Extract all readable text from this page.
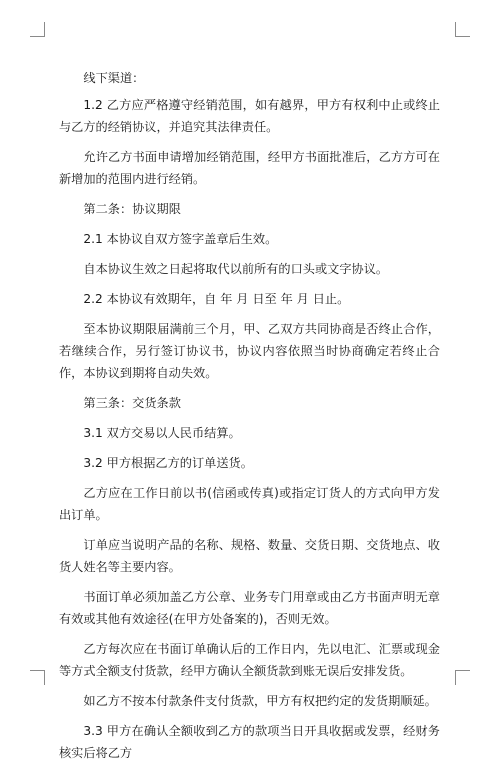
线下渠道：

1.2 乙方应严格遵守经销范围，如有越界，甲方有权利中止或终止与乙方的经销协议，并追究其法律责任。

允许乙方书面申请增加经销范围，经甲方书面批准后，乙方方可在新增加的范围内进行经销。

第二条：协议期限

2.1 本协议自双方签字盖章后生效。

自本协议生效之日起将取代以前所有的口头或文字协议。

2.2 本协议有效期年，自 年 月 日至 年 月 日止。

至本协议期限届满前三个月，甲、乙双方共同协商是否终止合作，若继续合作，另行签订协议书，协议内容依照当时协商确定若终止合作，本协议到期将自动失效。

第三条：交货条款

3.1 双方交易以人民币结算。

3.2 甲方根据乙方的订单送货。

乙方应在工作日前以书(信函或传真)或指定订货人的方式向甲方发出订单。

订单应当说明产品的名称、规格、数量、交货日期、交货地点、收货人姓名等主要内容。

书面订单必须加盖乙方公章、业务专门用章或由乙方书面声明无章有效或其他有效途径(在甲方处备案的)，否则无效。

乙方每次应在书面订单确认后的工作日内，先以电汇、汇票或现金等方式全额支付货款，经甲方确认全额货款到账无误后安排发货。

如乙方不按本付款条件支付货款，甲方有权把约定的发货期顺延。

3.3 甲方在确认全额收到乙方的款项当日开具收据或发票，经财务核实后将乙方
